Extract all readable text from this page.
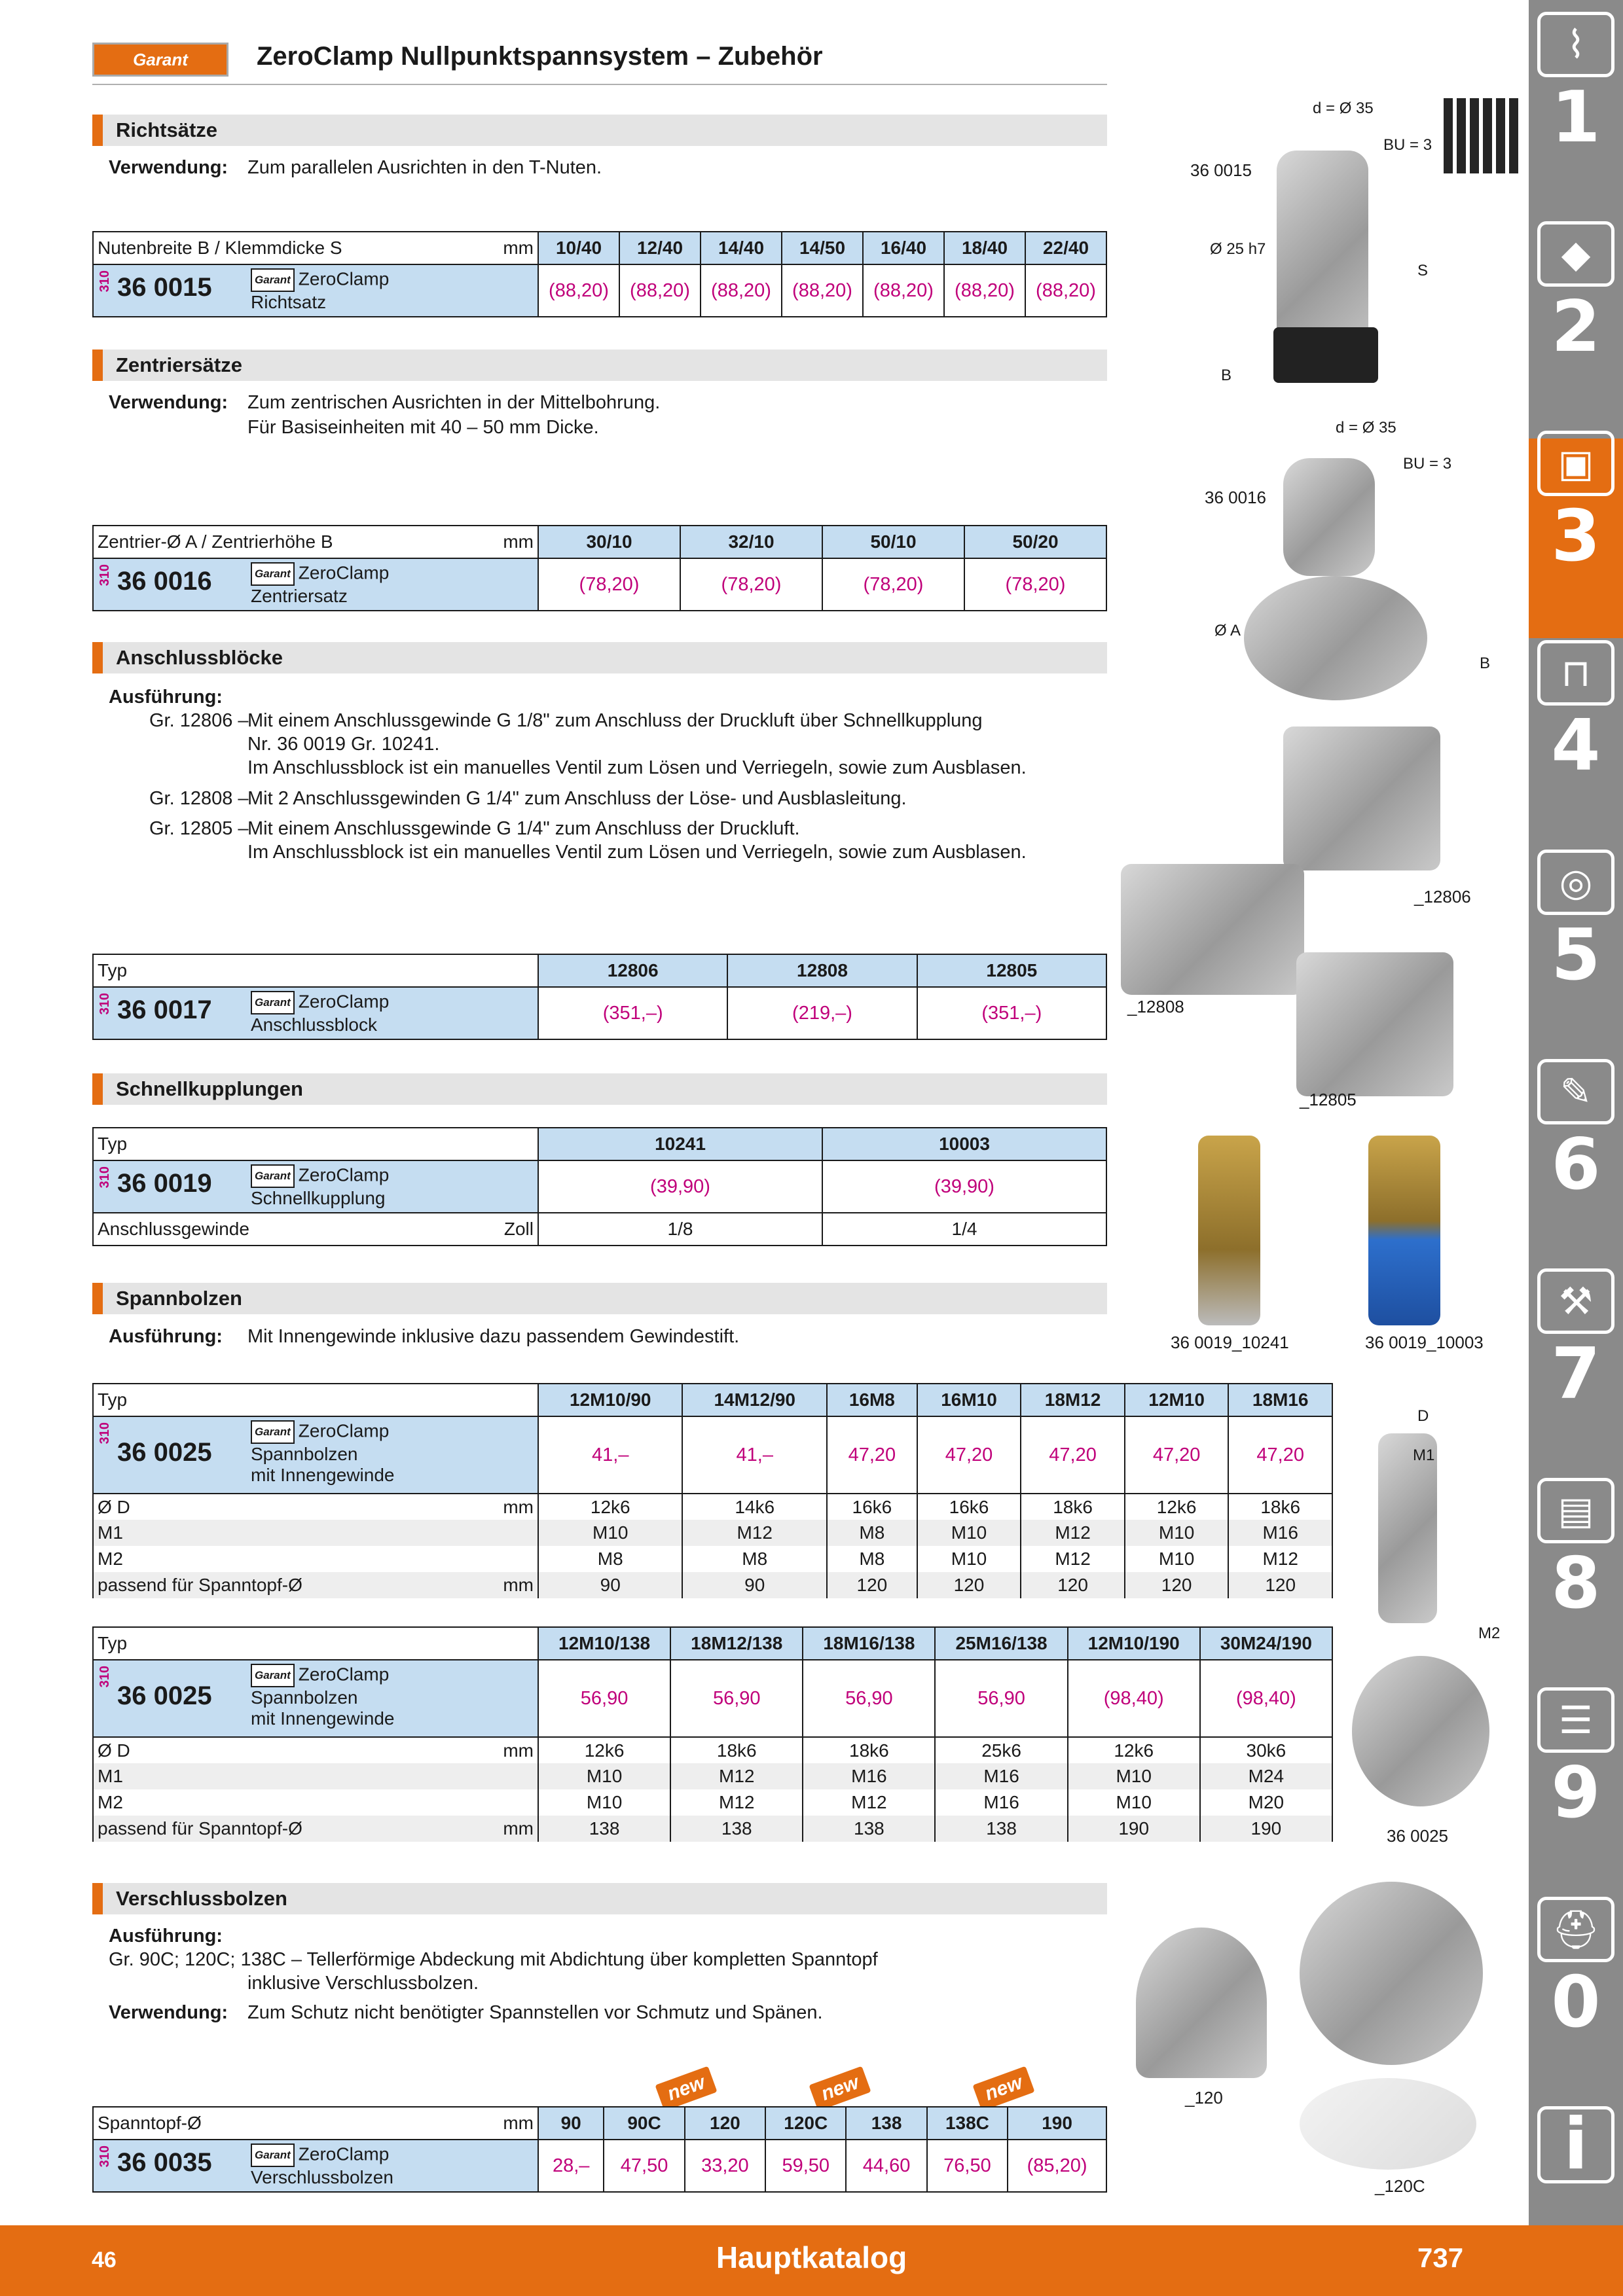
Garant	ZeroClamp Nullpunktspannsystem – Zubehör	⌇
1
◆
2
▣
3
⊓
4
◎
5
✎
6
⚒
7
▤
8
☰
9
⛑
0
i
Richtsätze
Verwendung: Zum parallelen Ausrichten in den T-Nuten.
Nutenbreite B / Klemmdicke S mm	10/40	12/40	14/40	14/50	16/40	18/40	22/40

310 36 0015 Garant ZeroClamp
Richtsatz	(88,20)	(88,20)	(88,20)	(88,20)	(88,20)	(88,20)	(88,20)
36 0015
d = Ø 35
BU = 3
Ø 25 h7
S
B
Zentriersätze
Verwendung: Zum zentrischen Ausrichten in der Mittelbohrung.
Für Basiseinheiten mit 40 – 50 mm Dicke.
Zentrier-Ø A / Zentrierhöhe B mm	30/10	32/10	50/10	50/20

310 36 0016 Garant ZeroClamp
Zentriersatz	(78,20)	(78,20)	(78,20)	(78,20)
36 0016
d = Ø 35
BU = 3
Ø A
B
Anschlussblöcke
Ausführung:
Gr. 12806 –
Mit einem Anschlussgewinde G 1/8" zum Anschluss der Druckluft über Schnellkupplung
Nr. 36 0019 Gr. 10241.
Im Anschlussblock ist ein manuelles Ventil zum Lösen und Verriegeln, sowie zum Ausblasen.
Gr. 12808 –
Mit 2 Anschlussgewinden G 1/4" zum Anschluss der Löse- und Ausblasleitung.
Gr. 12805 –
Mit einem Anschlussgewinde G 1/4" zum Anschluss der Druckluft.
Im Anschlussblock ist ein manuelles Ventil zum Lösen und Verriegeln, sowie zum Ausblasen.
Typ	12806	12808	12805

310 36 0017 Garant ZeroClamp
Anschlussblock	(351,–)	(219,–)	(351,–)
_12806
_12808
_12805
Schnellkupplungen
Typ	10241	10003

310 36 0019 Garant ZeroClamp
Schnellkupplung	(39,90)	(39,90)
Anschlussgewinde Zoll	1/8	1/4
36 0019_10241	36 0019_10003
Spannbolzen
Ausführung: Mit Innengewinde inklusive dazu passendem Gewindestift.
Typ	12M10/90	14M12/90	16M8	16M10	18M12	12M10	18M16

310
36 0025
Garant ZeroClamp
Spannbolzen
mit Innengewinde	41,–	41,–	47,20	47,20	47,20	47,20	47,20
Ø D mm	12k6	14k6	16k6	16k6	18k6	12k6	18k6
M1	M10	M12	M8	M10	M12	M10	M16
M2	M8	M8	M8	M10	M12	M10	M12
passend für Spanntopf-Ø mm	90	90	120	120	120	120	120
Typ	12M10/138	18M12/138	18M16/138	25M16/138	12M10/190	30M24/190

310
36 0025
Garant ZeroClamp
Spannbolzen
mit Innengewinde	56,90	56,90	56,90	56,90	(98,40)	(98,40)
Ø D mm	12k6	18k6	18k6	25k6	12k6	30k6
M1	M10	M12	M16	M16	M10	M24
M2	M10	M12	M12	M16	M10	M20
passend für Spanntopf-Ø mm	138	138	138	138	190	190
D
M1
M2
36 0025
Verschlussbolzen
Ausführung:
Gr. 90C; 120C; 138C – Tellerförmige Abdeckung mit Abdichtung über kompletten Spanntopf
inklusive Verschlussbolzen.
Verwendung: Zum Schutz nicht benötigter Spannstellen vor Schmutz und Spänen.
new	new	new
Spanntopf-Ø mm	90	90C	120	120C	138	138C	190

310 36 0035 Garant ZeroClamp
Verschlussbolzen	28,–	47,50	33,20	59,50	44,60	76,50	(85,20)
_120
_120C
46	Hauptkatalog	737
